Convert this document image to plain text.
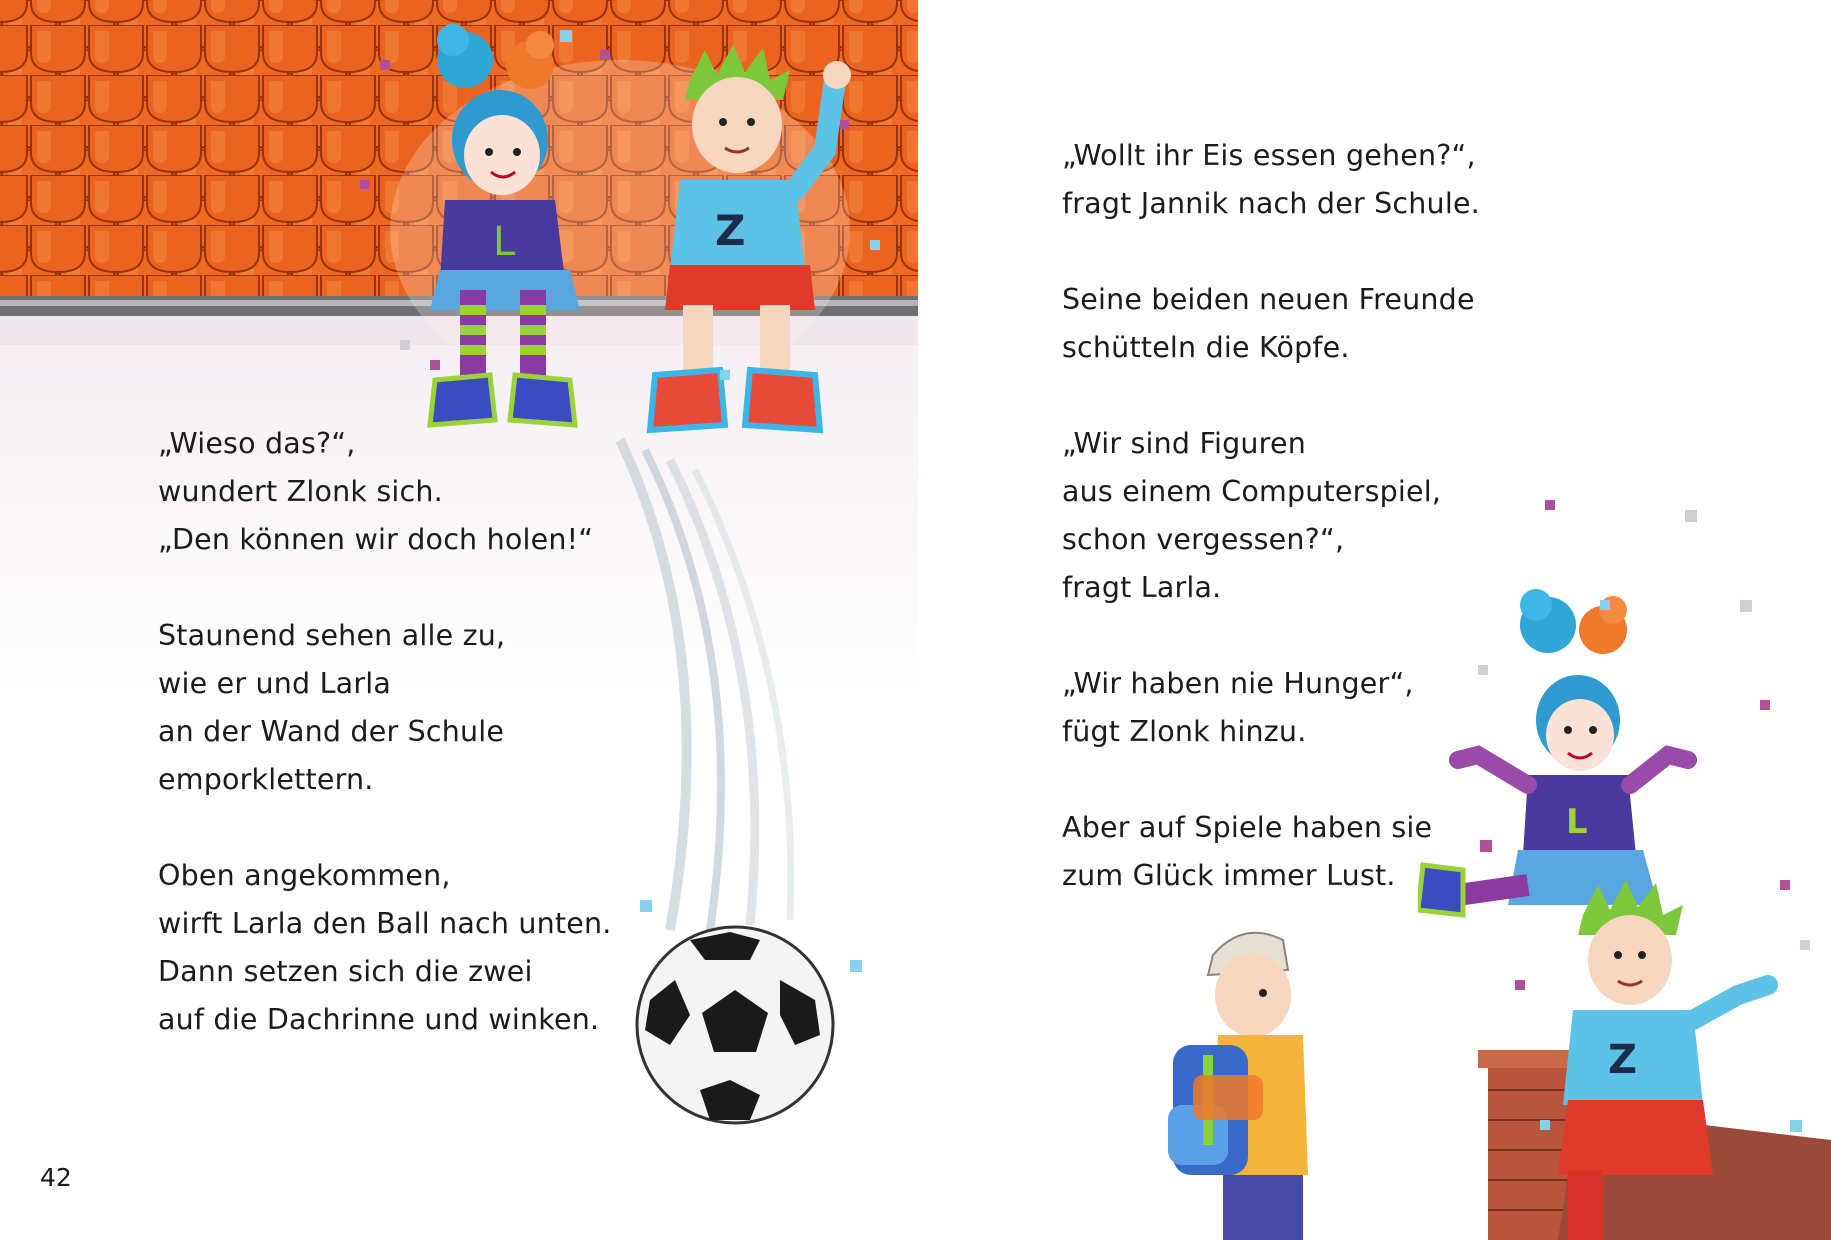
L	Z

„Wieso das?“,
wundert Zlonk sich.
„Den können wir doch holen!“

Staunend sehen alle zu,
wie er und Larla
an der Wand der Schule
emporklettern.

Oben angekommen,
wirft Larla den Ball nach unten.
Dann setzen sich die zwei
auf die Dachrinne und winken.

42
L
Z

„Wollt ihr Eis essen gehen?“,
fragt Jannik nach der Schule.

Seine beiden neuen Freunde
schütteln die Köpfe.

„Wir sind Figuren
aus einem Computerspiel,
schon vergessen?“,
fragt Larla.

„Wir haben nie Hunger“,
fügt Zlonk hinzu.

Aber auf Spiele haben sie
zum Glück immer Lust.
